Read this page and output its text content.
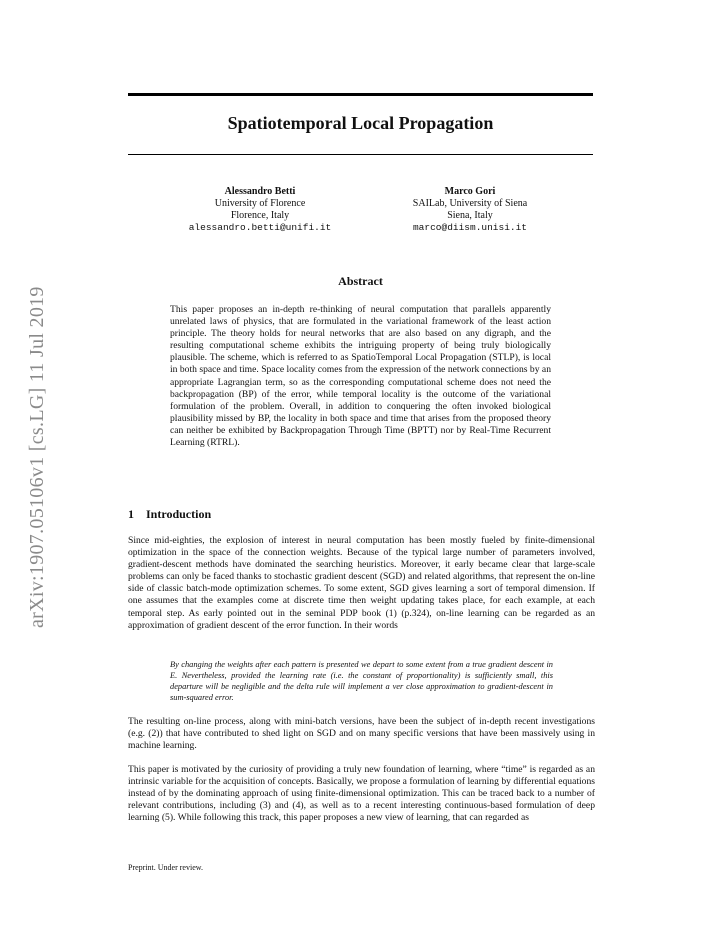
arXiv:1907.05106v1 [cs.LG] 11 Jul 2019
Spatiotemporal Local Propagation
Alessandro Betti
University of Florence
Florence, Italy
alessandro.betti@unifi.it
Marco Gori
SAILab, University of Siena
Siena, Italy
marco@diism.unisi.it
Abstract
This paper proposes an in-depth re-thinking of neural computation that parallels apparently unrelated laws of physics, that are formulated in the variational framework of the least action principle. The theory holds for neural networks that are also based on any digraph, and the resulting computational scheme exhibits the intriguing property of being truly biologically plausible. The scheme, which is referred to as SpatioTemporal Local Propagation (STLP), is local in both space and time. Space locality comes from the expression of the network connections by an appropriate Lagrangian term, so as the corresponding computational scheme does not need the backpropagation (BP) of the error, while temporal locality is the outcome of the variational formulation of the problem. Overall, in addition to conquering the often invoked biological plausibility missed by BP, the locality in both space and time that arises from the proposed theory can neither be exhibited by Backpropagation Through Time (BPTT) nor by Real-Time Recurrent Learning (RTRL).
1 Introduction
Since mid-eighties, the explosion of interest in neural computation has been mostly fueled by finite-dimensional optimization in the space of the connection weights. Because of the typical large number of parameters involved, gradient-descent methods have dominated the searching heuristics. Moreover, it early became clear that large-scale problems can only be faced thanks to stochastic gradient descent (SGD) and related algorithms, that represent the on-line side of classic batch-mode optimization schemes. To some extent, SGD gives learning a sort of temporal dimension. If one assumes that the examples come at discrete time then weight updating takes place, for each example, at each temporal step. As early pointed out in the seminal PDP book (1) (p.324), on-line learning can be regarded as an approximation of gradient descent of the error function. In their words
By changing the weights after each pattern is presented we depart to some extent from a true gradient descent in E. Nevertheless, provided the learning rate (i.e. the constant of proportionality) is sufficiently small, this departure will be negligible and the delta rule will implement a ver close approximation to gradient-descent in sum-squared error.
The resulting on-line process, along with mini-batch versions, have been the subject of in-depth recent investigations (e.g. (2)) that have contributed to shed light on SGD and on many specific versions that have been massively using in machine learning.
This paper is motivated by the curiosity of providing a truly new foundation of learning, where “time” is regarded as an intrinsic variable for the acquisition of concepts. Basically, we propose a formulation of learning by differential equations instead of by the dominating approach of using finite-dimensional optimization. This can be traced back to a number of relevant contributions, including (3) and (4), as well as to a recent interesting continuous-based formulation of deep learning (5). While following this track, this paper proposes a new view of learning, that can regarded as
Preprint. Under review.
